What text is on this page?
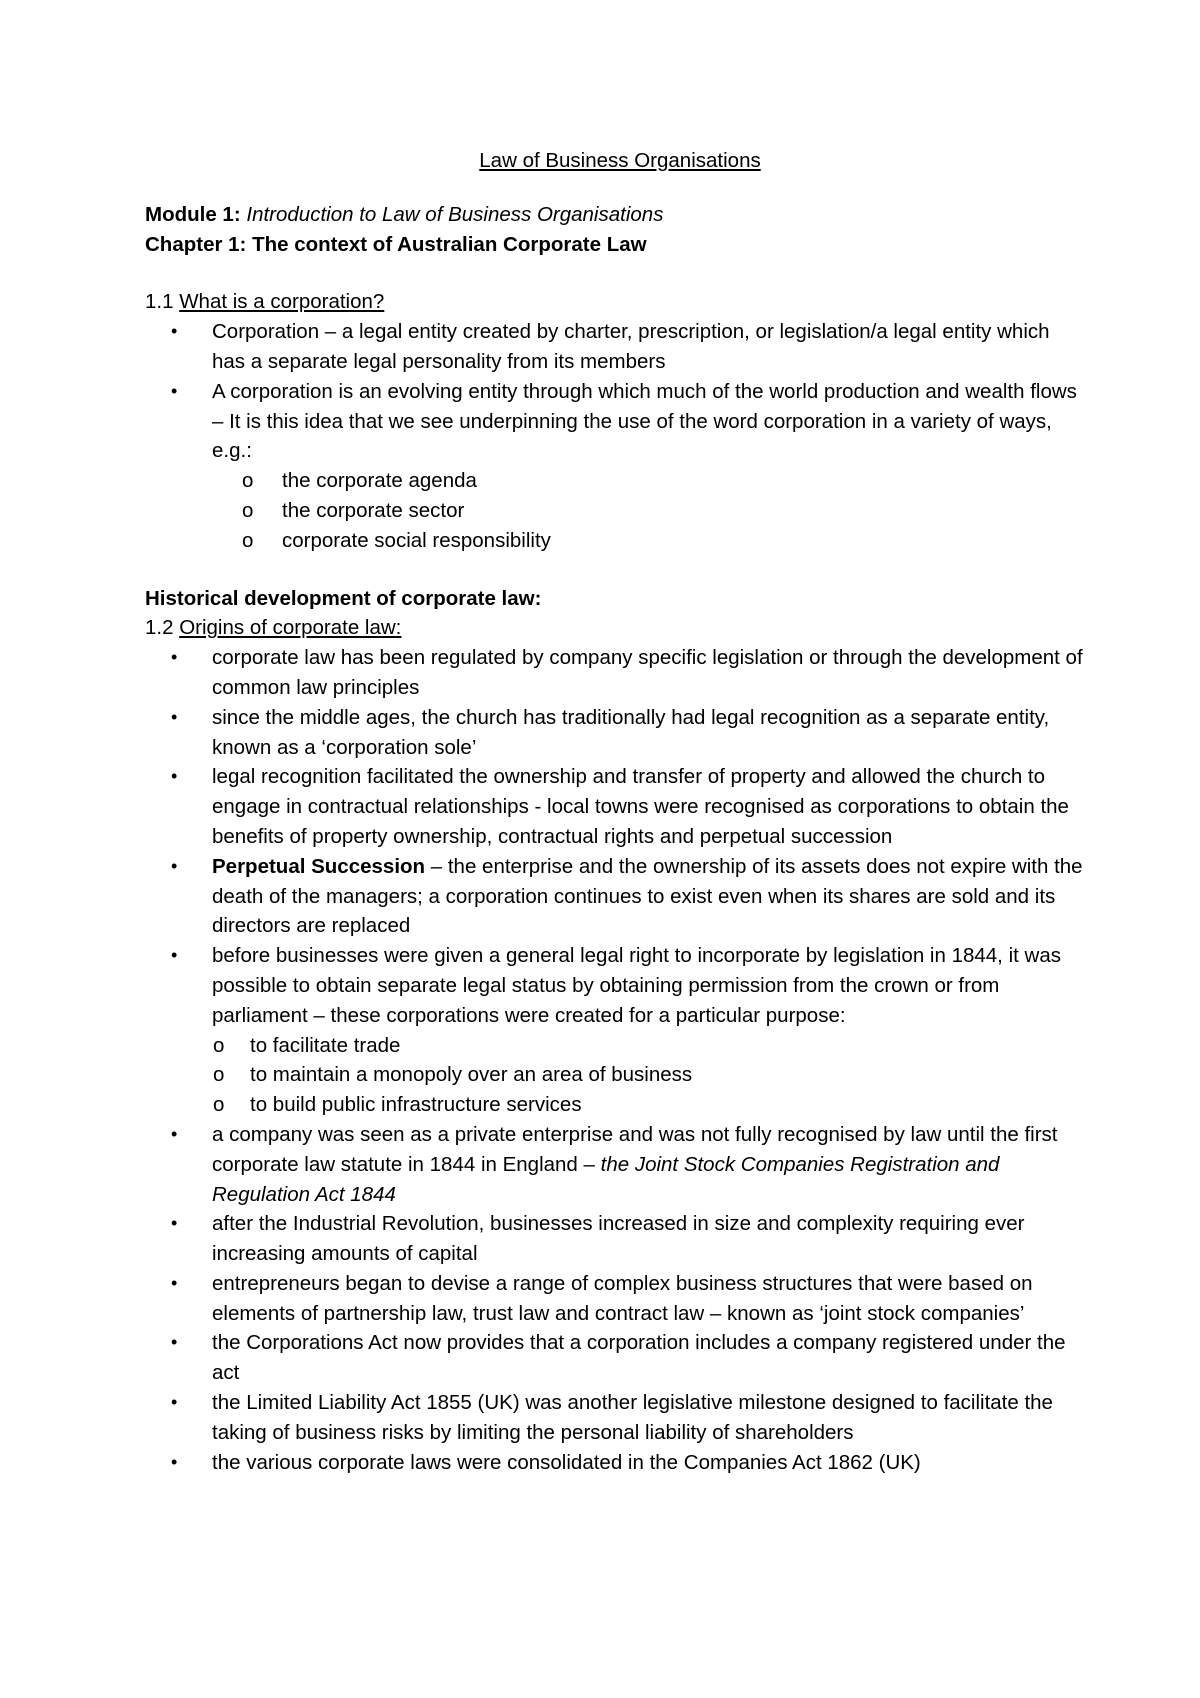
Law of Business Organisations

Module 1: Introduction to Law of Business Organisations

Chapter 1: The context of Australian Corporate Law

1.1 What is a corporation?

• Corporation – a legal entity created by charter, prescription, or legislation/a legal entity which has a separate legal personality from its members
• A corporation is an evolving entity through which much of the world production and wealth flows – It is this idea that we see underpinning the use of the word corporation in a variety of ways, e.g.:
o the corporate agenda
o the corporate sector
o corporate social responsibility

Historical development of corporate law:

1.2 Origins of corporate law:

• corporate law has been regulated by company specific legislation or through the development of common law principles
• since the middle ages, the church has traditionally had legal recognition as a separate entity, known as a ‘corporation sole’
• legal recognition facilitated the ownership and transfer of property and allowed the church to engage in contractual relationships - local towns were recognised as corporations to obtain the benefits of property ownership, contractual rights and perpetual succession
• Perpetual Succession – the enterprise and the ownership of its assets does not expire with the death of the managers; a corporation continues to exist even when its shares are sold and its directors are replaced
• before businesses were given a general legal right to incorporate by legislation in 1844, it was possible to obtain separate legal status by obtaining permission from the crown or from parliament – these corporations were created for a particular purpose:
o to facilitate trade
o to maintain a monopoly over an area of business
o to build public infrastructure services
• a company was seen as a private enterprise and was not fully recognised by law until the first corporate law statute in 1844 in England – the Joint Stock Companies Registration and Regulation Act 1844
• after the Industrial Revolution, businesses increased in size and complexity requiring ever increasing amounts of capital
• entrepreneurs began to devise a range of complex business structures that were based on elements of partnership law, trust law and contract law – known as ‘joint stock companies’
• the Corporations Act now provides that a corporation includes a company registered under the act
• the Limited Liability Act 1855 (UK) was another legislative milestone designed to facilitate the taking of business risks by limiting the personal liability of shareholders
• the various corporate laws were consolidated in the Companies Act 1862 (UK)
